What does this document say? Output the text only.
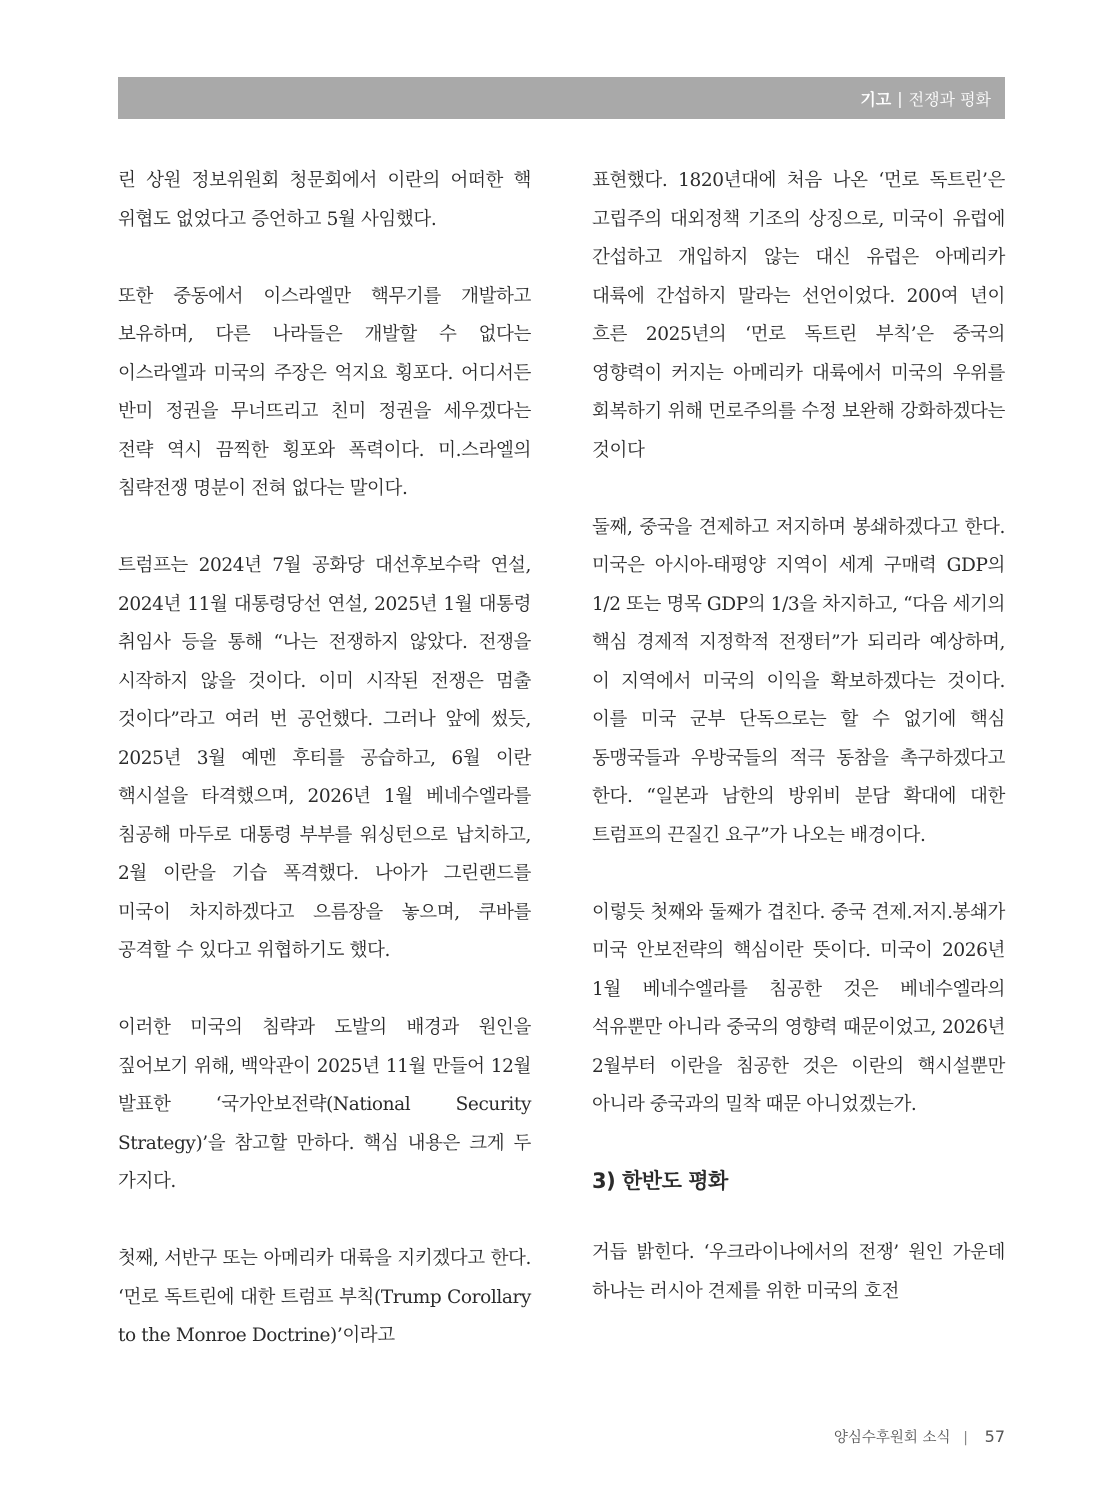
기고 | 전쟁과 평화

린 상원 정보위원회 청문회에서 이란의 어떠한 핵 위협도 없었다고 증언하고 5월 사임했다.

또한 중동에서 이스라엘만 핵무기를 개발하고 보유하며, 다른 나라들은 개발할 수 없다는 이스라엘과 미국의 주장은 억지요 횡포다. 어디서든 반미 정권을 무너뜨리고 친미 정권을 세우겠다는 전략 역시 끔찍한 횡포와 폭력이다. 미.스라엘의 침략전쟁 명분이 전혀 없다는 말이다.

트럼프는 2024년 7월 공화당 대선후보수락 연설, 2024년 11월 대통령당선 연설, 2025년 1월 대통령 취임사 등을 통해 “나는 전쟁하지 않았다. 전쟁을 시작하지 않을 것이다. 이미 시작된 전쟁은 멈출 것이다”라고 여러 번 공언했다. 그러나 앞에 썼듯, 2025년 3월 예멘 후티를 공습하고, 6월 이란 핵시설을 타격했으며, 2026년 1월 베네수엘라를 침공해 마두로 대통령 부부를 워싱턴으로 납치하고, 2월 이란을 기습 폭격했다. 나아가 그린랜드를 미국이 차지하겠다고 으름장을 놓으며, 쿠바를 공격할 수 있다고 위협하기도 했다.

이러한 미국의 침략과 도발의 배경과 원인을 짚어보기 위해, 백악관이 2025년 11월 만들어 12월 발표한 ‘국가안보전략(National Security Strategy)’을 참고할 만하다. 핵심 내용은 크게 두 가지다.

첫째, 서반구 또는 아메리카 대륙을 지키겠다고 한다. ‘먼로 독트린에 대한 트럼프 부칙(Trump Corollary to the Monroe Doctrine)’이라고

표현했다. 1820년대에 처음 나온 ‘먼로 독트린’은 고립주의 대외정책 기조의 상징으로, 미국이 유럽에 간섭하고 개입하지 않는 대신 유럽은 아메리카 대륙에 간섭하지 말라는 선언이었다. 200여 년이 흐른 2025년의 ‘먼로 독트린 부칙’은 중국의 영향력이 커지는 아메리카 대륙에서 미국의 우위를 회복하기 위해 먼로주의를 수정 보완해 강화하겠다는 것이다

둘째, 중국을 견제하고 저지하며 봉쇄하겠다고 한다. 미국은 아시아-태평양 지역이 세계 구매력 GDP의 1/2 또는 명목 GDP의 1/3을 차지하고, “다음 세기의 핵심 경제적 지정학적 전쟁터”가 되리라 예상하며, 이 지역에서 미국의 이익을 확보하겠다는 것이다. 이를 미국 군부 단독으로는 할 수 없기에 핵심 동맹국들과 우방국들의 적극 동참을 촉구하겠다고 한다. “일본과 남한의 방위비 분담 확대에 대한 트럼프의 끈질긴 요구”가 나오는 배경이다.

이렇듯 첫째와 둘째가 겹친다. 중국 견제.저지.봉쇄가 미국 안보전략의 핵심이란 뜻이다. 미국이 2026년 1월 베네수엘라를 침공한 것은 베네수엘라의 석유뿐만 아니라 중국의 영향력 때문이었고, 2026년 2월부터 이란을 침공한 것은 이란의 핵시설뿐만 아니라 중국과의 밀착 때문 아니었겠는가.

3) 한반도 평화

거듭 밝힌다. ‘우크라이나에서의 전쟁’ 원인 가운데 하나는 러시아 견제를 위한 미국의 호전

양심수후원회 소식 | 57
